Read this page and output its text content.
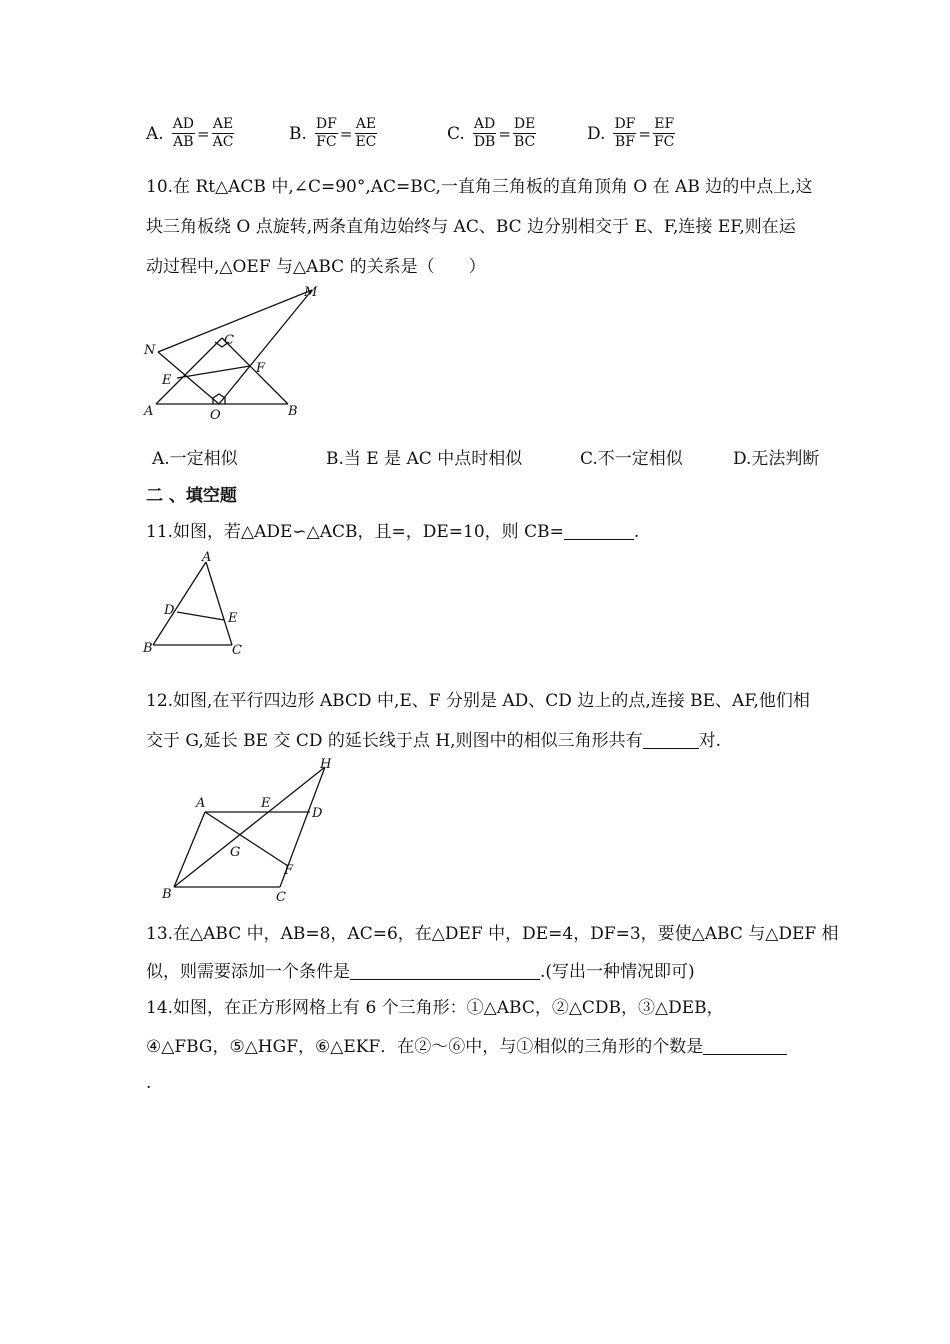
A. $\frac{AD}{AB} = \frac{AE}{AC}$	B. $\frac{DF}{FC} = \frac{AE}{EC}$	C. $\frac{AD}{DB} = \frac{DE}{BC}$	D. $\frac{DF}{BF} = \frac{EF}{FC}$
10.在 Rt△ACB 中,∠C=90°,AC=BC,一直角三角板的直角顶角 O 在 AB 边的中点上,这
块三角板绕 O 点旋转,两条直角边始终与 AC、BC 边分别相交于 E、F,连接 EF,则在运
动过程中,△OEF 与△ABC 的关系是（　　）
M
N
C
E
F
A	O	B
A.一定相似	B.当 E 是 AC 中点时相似	C.不一定相似	D.无法判断
二 、填空题
11.如图，若△ADE∽△ACB，且=，DE=10，则 CB=	.
A
D
E
B	C
12.如图,在平行四边形 ABCD 中,E、F 分别是 AD、CD 边上的点,连接 BE、AF,他们相
交于 G,延长 BE 交 CD 的延长线于点 H,则图中的相似三角形共有	对.
H
A	E
D
G
F
B	C
13.在△ABC 中，AB=8，AC=6，在△DEF 中，DE=4，DF=3，要使△ABC 与△DEF 相
似，则需要添加一个条件是	.(写出一种情况即可)
14.如图，在正方形网格上有 6 个三角形：①△ABC，②△CDB，③△DEB，
④△FBG，⑤△HGF，⑥△EKF．在②～⑥中，与①相似的三角形的个数是
.
